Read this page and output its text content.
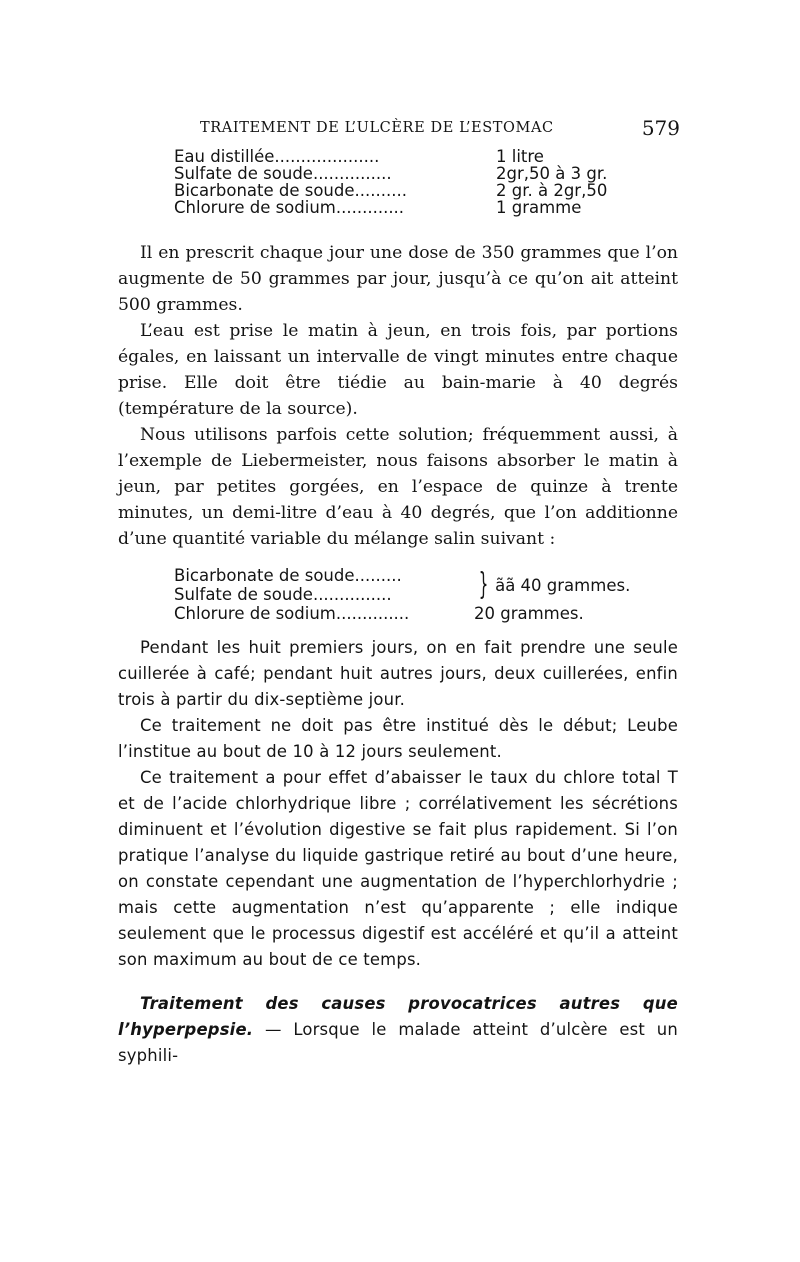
TRAITEMENT DE L’ULCÈRE DE L’ESTOMAC	579
Eau distillée....................	1 litre
Sulfate de soude...............	2gr,50 à 3 gr.
Bicarbonate de soude..........	2 gr. à 2gr,50
Chlorure de sodium.............	1 gramme

Il en prescrit chaque jour une dose de 350 grammes que l’on augmente de 50 grammes par jour, jusqu’à ce qu’on ait atteint 500 grammes.

L’eau est prise le matin à jeun, en trois fois, par portions égales, en laissant un intervalle de vingt minutes entre chaque prise. Elle doit être tiédie au bain-marie à 40 degrés (température de la source).

Nous utilisons parfois cette solution; fréquemment aussi, à l’exemple de Liebermeister, nous faisons absorber le matin à jeun, par petites gorgées, en l’espace de quinze à trente minutes, un demi-litre d’eau à 40 degrés, que l’on additionne d’une quantité variable du mélange salin suivant :

Bicarbonate de soude.........
Sulfate de soude...............	} ãã 40 grammes.
Chlorure de sodium..............	20 grammes.

Pendant les huit premiers jours, on en fait prendre une seule cuillerée à café; pendant huit autres jours, deux cuillerées, enfin trois à partir du dix-septième jour.

Ce traitement ne doit pas être institué dès le début; Leube l’institue au bout de 10 à 12 jours seulement.

Ce traitement a pour effet d’abaisser le taux du chlore total T et de l’acide chlorhydrique libre ; corrélativement les sécrétions diminuent et l’évolution digestive se fait plus rapidement. Si l’on pratique l’analyse du liquide gastrique retiré au bout d’une heure, on constate cependant une augmentation de l’hyperchlorhydrie ; mais cette augmentation n’est qu’apparente ; elle indique seulement que le processus digestif est accéléré et qu’il a atteint son maximum au bout de ce temps.

Traitement des causes provocatrices autres que l’hyperpepsie. — Lorsque le malade atteint d’ulcère est un syphili-
